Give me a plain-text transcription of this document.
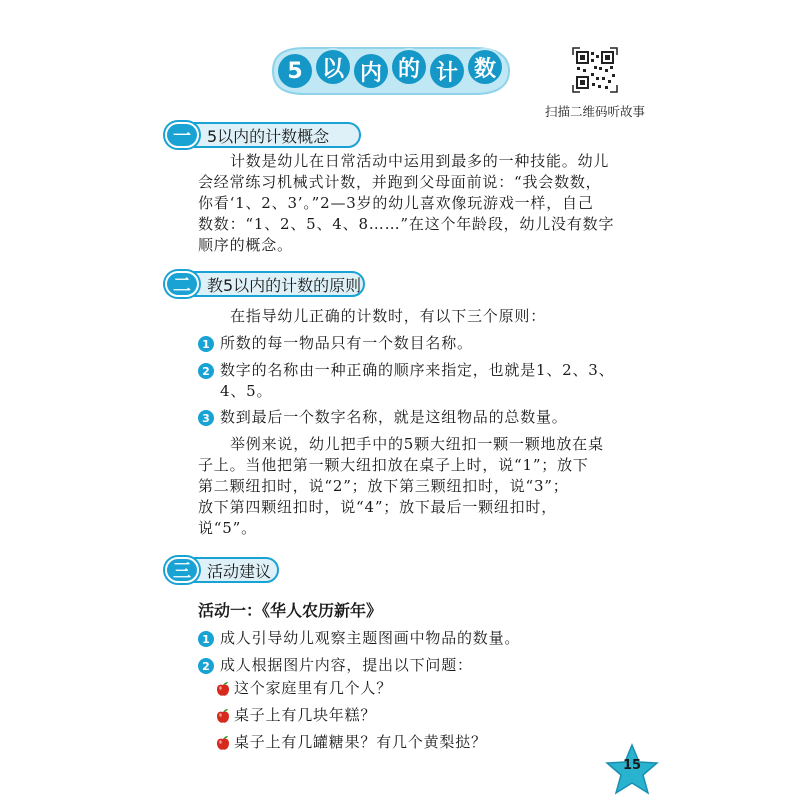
5 以 内 的 计 数
扫描二维码听故事
一	5以内的计数概念
计数是幼儿在日常活动中运用到最多的一种技能。幼儿
会经常练习机械式计数，并跑到父母面前说：“我会数数，
你看‘1、2、3’。”2—3岁的幼儿喜欢像玩游戏一样，自己
数数：“1、2、5、4、8……”在这个年龄段，幼儿没有数字
顺序的概念。
二	教5以内的计数的原则
在指导幼儿正确的计数时，有以下三个原则：
1 所数的每一物品只有一个数目名称。
2 数字的名称由一种正确的顺序来指定，也就是1、2、3、
4、5。
3 数到最后一个数字名称，就是这组物品的总数量。
举例来说，幼儿把手中的5颗大纽扣一颗一颗地放在桌
子上。当他把第一颗大纽扣放在桌子上时，说“1”；放下
第二颗纽扣时，说“2”；放下第三颗纽扣时，说“3”；
放下第四颗纽扣时，说“4”；放下最后一颗纽扣时，
说“5”。
三	活动建议
活动一：《华人农历新年》
1 成人引导幼儿观察主题图画中物品的数量。
2 成人根据图片内容，提出以下问题：
这个家庭里有几个人？
桌子上有几块年糕？
桌子上有几罐糖果？有几个黄梨挞？
15
